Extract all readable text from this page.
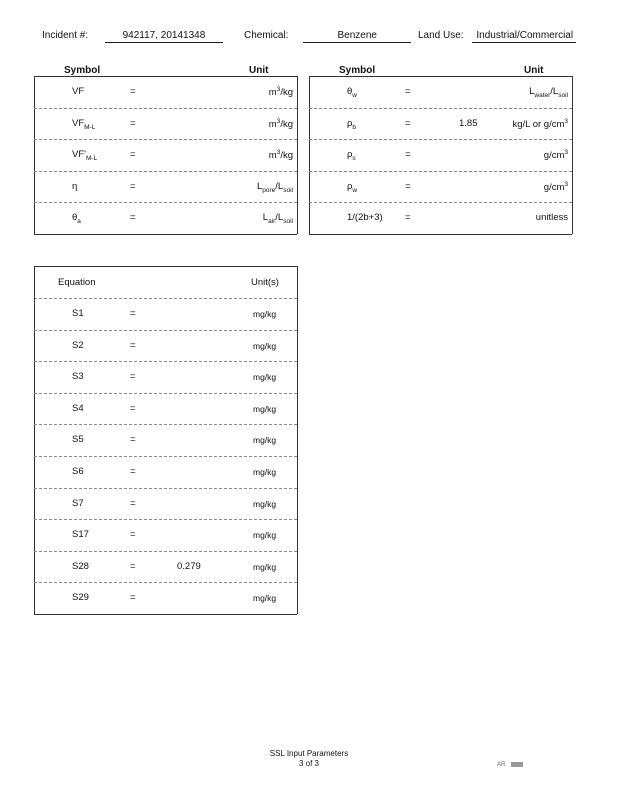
Incident #:	942117, 20141348	Chemical:	Benzene	Land Use: Industrial/Commercial
Symbol	Unit
VF	=	$m^3/kg$
$VF_{M-L}$	=	$m^3/kg$
$VF'_{M-L}$	=	$m^3/kg$
η	=	$L_{pore}/L_{soil}$
$\theta_a$	=	$L_{air}/L_{soil}$
Symbol	Unit
$\theta_w$	=	$L_{water}/L_{soil}$
$\rho_b$	=	1.85	kg/L or $g/cm^3$
$\rho_s$	=	$g/cm^3$
$\rho_w$	=	$g/cm^3$
1/(2b+3) =	unitless
Equation	Unit(s)
S1	=	mg/kg
S2	=	mg/kg
S3	=	mg/kg
S4	=	mg/kg
S5	=	mg/kg
S6	=	mg/kg
S7	=	mg/kg
S17	=	mg/kg
S28	=	0.279	mg/kg
S29	=	mg/kg
SSL Input Parameters
3 of 3	AR
